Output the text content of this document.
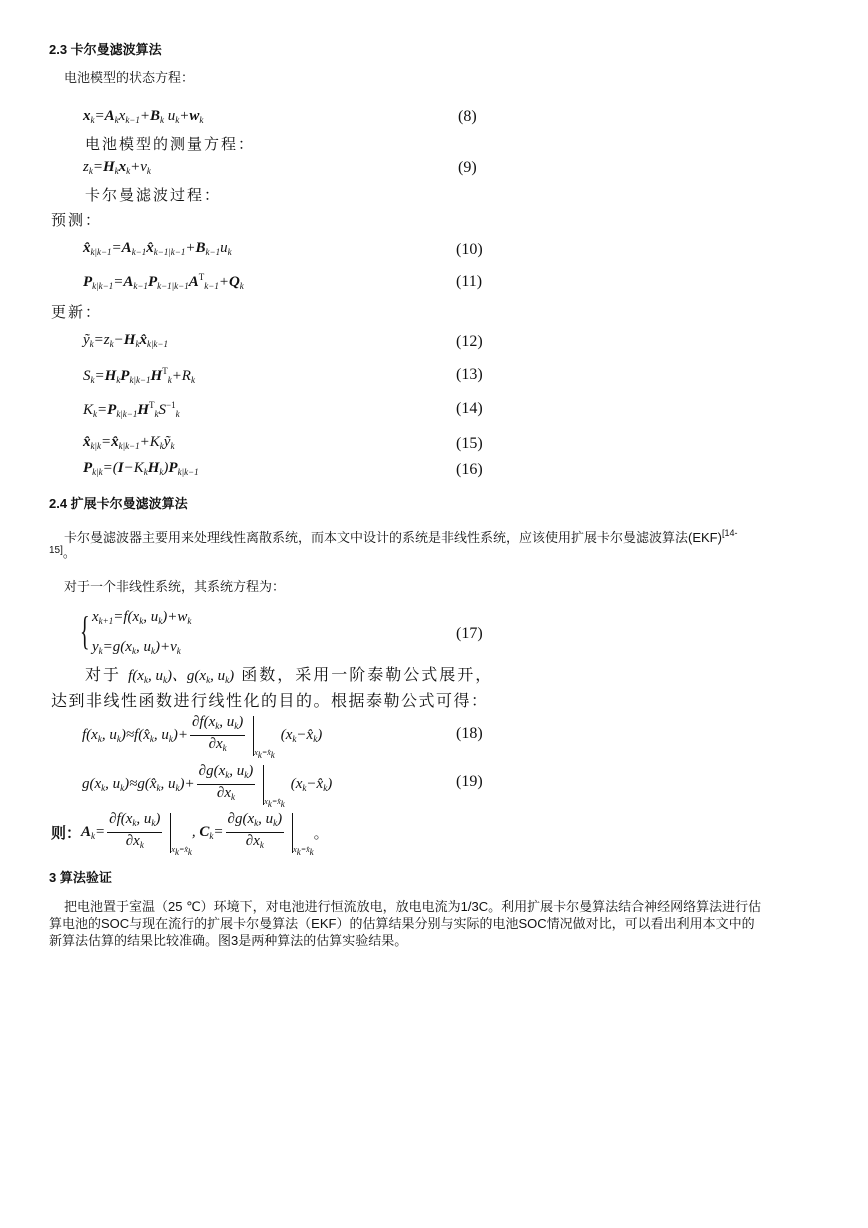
2.3 卡尔曼滤波算法
电池模型的状态方程：
$x_k=A_kx_{k-1}+B_k$ $u_k+w_k$	(8)
电池模型的测量方程：
$z_k=H_kx_k+v_k$	(9)
卡尔曼滤波过程：
预测：
$x̂_{k|k-1}=A_{k-1}x̂_{k-1|k-1}+B_{k-1}u_k$	(10)
$P_{k|k-1}=A_{k-1}P_{k-1|k-1}A^T_{k-1}+Q_k$	(11)
更新：
$ỹ_k=z_k-H_kx̂_{k|k-1}$	(12)
$S_k=H_kP_{k|k-1}H^T_k+R_k$	(13)
$K_k=P_{k|k-1}H^T_kS^{-1}_k$	(14)
$x̂_{k|k}=x̂_{k|k-1}+K_kỹ_k$	(15)
$P_{k|k}=(I-K_kH_k)P_{k|k-1}$	(16)
2.4 扩展卡尔曼滤波算法
卡尔曼滤波器主要用来处理线性离散系统，而本文中设计的系统是非线性系统，应该使用扩展卡尔曼滤波算法(EKF)$^{[14-}$
$^{15]}$。
对于一个非线性系统，其系统方程为：
{ $x_{k+1}=f(x_k$, $u_k)+w_k$
$y_k=g(x_k$, $u_k)+v_k$
(17)
对于 $f(x_k$, $u_k$)、$g(x_k$, $u_k$) 函数，采用一阶泰勒公式展开，
达到非线性函数进行线性化的目的。根据泰勒公式可得：
$f(x_k$, $u_k)\approx f(x̂_k$, $u_k)+ \frac{\partial f(x_k, u_k)}{\partial x_k}$ $_{x_k=x̂_k}(x_k-x̂_k)$	(18)
$g(x_k$, $u_k)\approx g(x̂_k$, $u_k)+ \frac{\partial g(x_k, u_k)}{\partial x_k}$ $_{x_k=x̂_k}(x_k-x̂_k)$	(19)
则：$A_k= \frac{\partial f(x_k, u_k)}{\partial x_k} _{x_k=x̂_k}$, $C_k= \frac{\partial g(x_k, u_k)}{\partial x_k} _{x_k=x̂_k}$。
3 算法验证
把电池置于室温（25 ℃）环境下，对电池进行恒流放电，放电电流为1/3C。利用扩展卡尔曼算法结合神经网络算法进行估
算电池的SOC与现在流行的扩展卡尔曼算法（EKF）的估算结果分别与实际的电池SOC情况做对比，可以看出利用本文中的
新算法估算的结果比较准确。图3是两种算法的估算实验结果。
